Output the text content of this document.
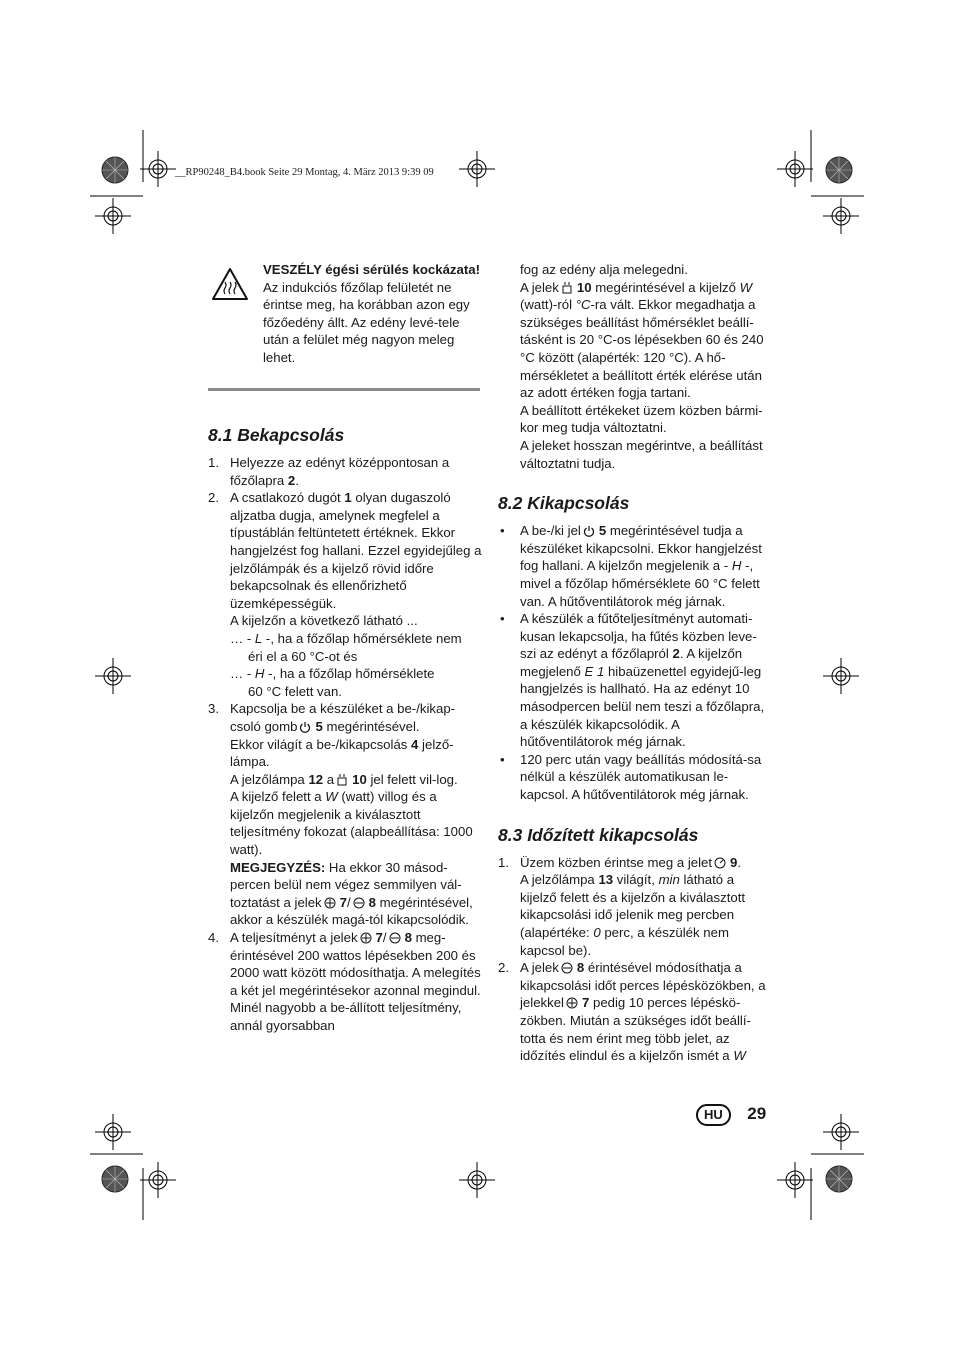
__RP90248_B4.book Seite 29 Montag, 4. März 2013 9:39 09

VESZÉLY égési sérülés kockázata!

Az indukciós főzőlap felületét ne érintse meg, ha korábban azon egy főzőedény állt. Az edény levé-tele után a felület még nagyon meleg lehet.

8.1 Bekapcsolás
1. Helyezze az edényt középpontosan a főzőlapra 2.
2. A csatlakozó dugót 1 olyan dugaszoló aljzatba dugja, amelynek megfelel a típustáblán feltüntetett értéknek. Ekkor hangjelzést fog hallani. Ezzel egyidejűleg a jelzőlámpák és a kijelző rövid időre bekapcsolnak és ellenőrizhető üzemképességük.

A kijelzőn a következő látható ...

… - L -, ha a főzőlap hőmérséklete nem
éri el a 60 °C-ot és
… - H -, ha a főzőlap hőmérséklete
60 °C felett van.
3. Kapcsolja be a készüléket a be-/kikap-csoló gomb 5 megérintésével.

Ekkor világít a be-/kikapcsolás 4 jelző-lámpa.

A jelzőlámpa 12 a 10 jel felett vil-log.

A kijelző felett a W (watt) villog és a kijelzőn megjelenik a kiválasztott teljesítmény fokozat (alapbeállítása: 1000 watt).

MEGJEGYZÉS: Ha ekkor 30 másod-percen belül nem végez semmilyen vál-toztatást a jelek 7/ 8 megérintésével, akkor a készülék magá-tól kikapcsolódik.

4. A teljesítményt a jelek 7/ 8 meg-érintésével 200 wattos lépésekben 200 és 2000 watt között módosíthatja. A melegítés a két jel megérintésekor azonnal megindul. Minél nagyobb a be-állított teljesítmény, annál gyorsabban

fog az edény alja melegedni.

A jelek 10 megérintésével a kijelző W (watt)-ról °C-ra vált. Ekkor megadhatja a szükséges beállítást hőmérséklet beállí-tásként is 20 °C-os lépésekben 60 és 240 °C között (alapérték: 120 °C). A hő-mérsékletet a beállított érték elérése után az adott értéken fogja tartani.

A beállított értékeket üzem közben bármi-kor meg tudja változtatni.

A jeleket hosszan megérintve, a beállítást változtatni tudja.

8.2 Kikapcsolás
• A be-/ki jel 5 megérintésével tudja a készüléket kikapcsolni. Ekkor hangjelzést fog hallani. A kijelzőn megjelenik a - H -, mivel a főzőlap hőmérséklete 60 °C felett van. A hűtőventilátorok még járnak.
• A készülék a fűtőteljesítményt automati-kusan lekapcsolja, ha fűtés közben leve-szi az edényt a főzőlapról 2. A kijelzőn megjelenő E 1 hibaüzenettel egyidejű-leg hangjelzés is hallható. Ha az edényt 10 másodpercen belül nem teszi a főzőlapra, a készülék kikapcsolódik. A hűtőventilátorok még járnak.
• 120 perc után vagy beállítás módosítá-sa nélkül a készülék automatikusan le-kapcsol. A hűtőventilátorok még járnak.
8.3 Időzített kikapcsolás
1. Üzem közben érintse meg a jelet 9.

A jelzőlámpa 13 világít, min látható a kijelző felett és a kijelzőn a kiválasztott kikapcsolási idő jelenik meg percben (alapértéke: 0 perc, a készülék nem kapcsol be).

2. A jelek 8 érintésével módosíthatja a kikapcsolási időt perces lépésközökben, a jelekkel 7 pedig 10 perces lépéskö-zökben. Miután a szükséges időt beállí-totta és nem érint meg több jelet, az időzítés elindul és a kijelzőn ismét a W
HU 29
